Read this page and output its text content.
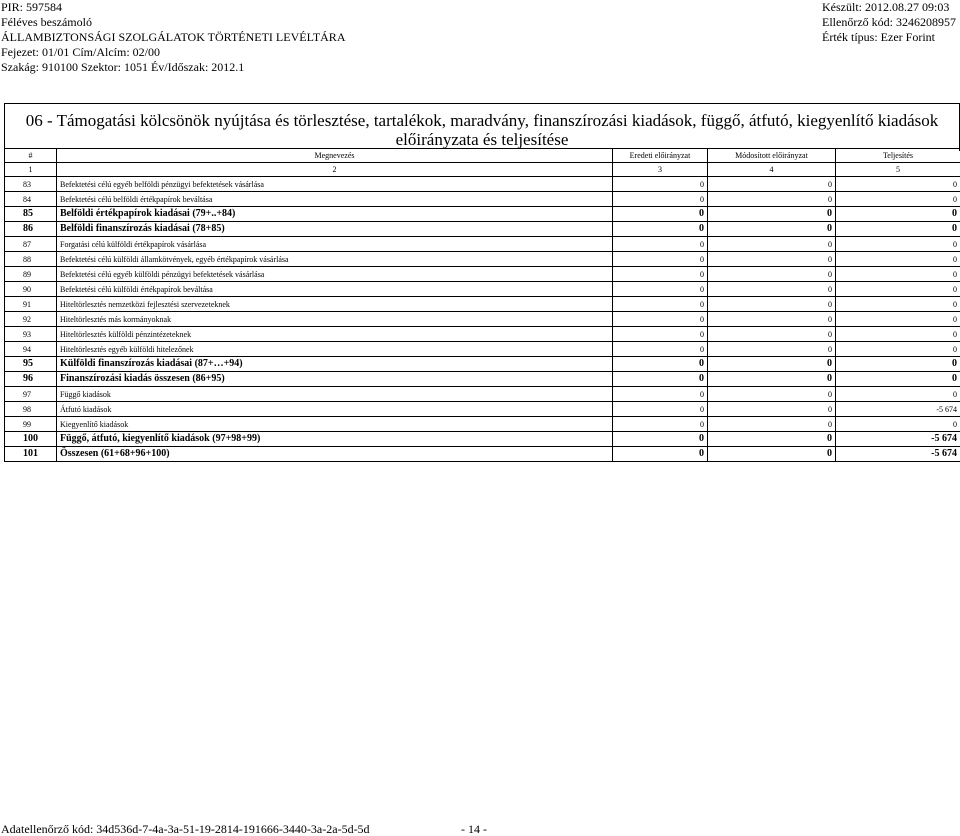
PIR: 597584
Féléves beszámoló
ÁLLAMBIZTONSÁGI SZOLGÁLATOK TÖRTÉNETI LEVÉLTÁRA
Fejezet: 01/01 Cím/Alcím: 02/00
Szakág: 910100 Szektor: 1051 Év/Időszak: 2012.1
Készült: 2012.08.27 09:03
Ellenőrző kód: 3246208957
Érték típus: Ezer Forint
06 - Támogatási kölcsönök nyújtása és törlesztése, tartalékok, maradvány, finanszírozási kiadások, függő, átfutó, kiegyenlítő kiadások előirányzata és teljesítése
#	Megnevezés	Eredeti előirányzat	Módosított előirányzat	Teljesítés
1	2	3	4	5
83	Befektetési célú egyéb belföldi pénzügyi befektetések vásárlása	0	0	0
84	Befektetési célú belföldi értékpapírok beváltása	0	0	0
85	Belföldi értékpapírok kiadásai (79+..+84)	0	0	0
86	Belföldi finanszírozás kiadásai (78+85)	0	0	0
87	Forgatási célú külföldi értékpapírok vásárlása	0	0	0
88	Befektetési célú külföldi államkötvények, egyéb értékpapírok vásárlása	0	0	0
89	Befektetési célú egyéb külföldi pénzügyi befektetések vásárlása	0	0	0
90	Befektetési célú külföldi értékpapírok beváltása	0	0	0
91	Hiteltörlesztés nemzetközi fejlesztési szervezeteknek	0	0	0
92	Hiteltörlesztés más kormányoknak	0	0	0
93	Hiteltörlesztés külföldi pénzintézeteknek	0	0	0
94	Hiteltörlesztés egyéb külföldi hitelezőnek	0	0	0
95	Külföldi finanszírozás kiadásai (87+…+94)	0	0	0
96	Finanszírozási kiadás összesen (86+95)	0	0	0
97	Függő kiadások	0	0	0
98	Átfutó kiadások	0	0	-5 674
99	Kiegyenlítő kiadások	0	0	0
100	Függő, átfutó, kiegyenlítő kiadások (97+98+99)	0	0	-5 674
101	Összesen (61+68+96+100)	0	0	-5 674
Adatellenőrző kód: 34d536d-7-4a-3a-51-19-2814-191666-3440-3a-2a-5d-5d	- 14 -
